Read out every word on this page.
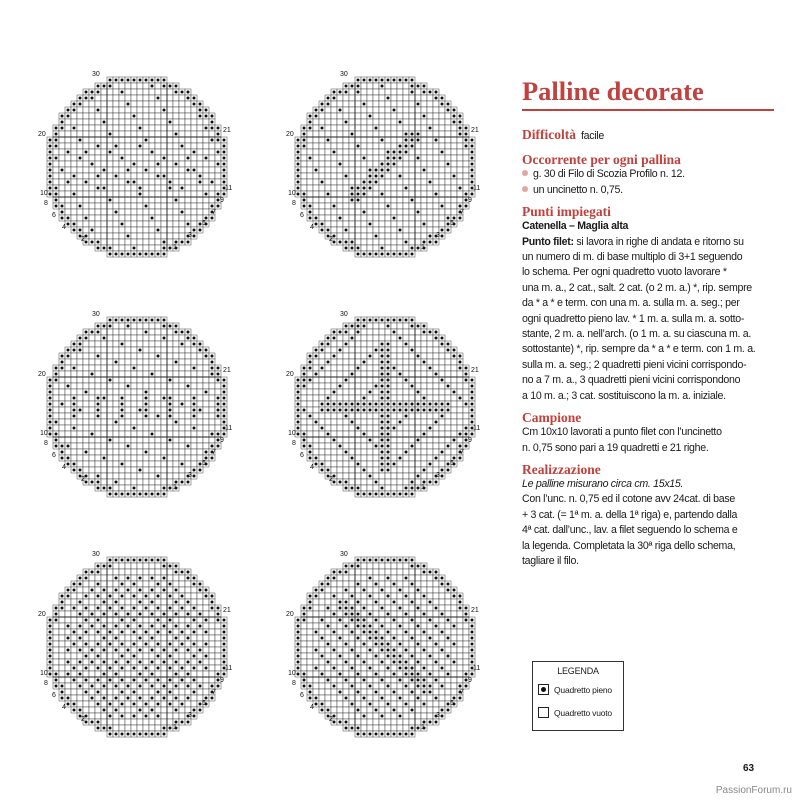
30
20
10
8
6
4
2
21
11
9
7
5
3
1
30
20
10
8
6
4
2
21
11
9
7
5
3
1
30
20
10
8
6
4
2
21
11
9
7
5
3
1
30
20
10
8
6
4
2
21
11
9
7
5
3
1
30
20
10
8
6
4
2
21
11
9
7
5
3
1
30
20
10
8
6
4
2
21
11
9
7
5
3
1
Palline decorate
Difficoltà facile
Occorrente per ogni pallina
g. 30 di Filo di Scozia Profilo n. 12.
un uncinetto n. 0,75.
Punti impiegati
Catenella – Maglia alta
Punto filet: si lavora in righe di andata e ritorno su
un numero di m. di base multiplo di 3+1 seguendo
lo schema. Per ogni quadretto vuoto lavorare *
una m. a., 2 cat., salt. 2 cat. (o 2 m. a.) *, rip. sempre
da * a * e term. con una m. a. sulla m. a. seg.; per
ogni quadretto pieno lav. * 1 m. a. sulla m. a. sotto-
stante, 2 m. a. nell’arch. (o 1 m. a. su ciascuna m. a.
sottostante) *, rip. sempre da * a * e term. con 1 m. a.
sulla m. a. seg.; 2 quadretti pieni vicini corrispondo-
no a 7 m. a., 3 quadretti pieni vicini corrispondono
a 10 m. a.; 3 cat. sostituiscono la m. a. iniziale.
Campione
Cm 10x10 lavorati a punto filet con l’uncinetto
n. 0,75 sono pari a 19 quadretti e 21 righe.
Realizzazione
Le palline misurano circa cm. 15x15.
Con l’unc. n. 0,75 ed il cotone avv 24cat. di base
+ 3 cat. (= 1ª m. a. della 1ª riga) e, partendo dalla
4ª cat. dall’unc., lav. a filet seguendo lo schema e
la legenda. Completata la 30ª riga dello schema,
tagliare il filo.
LEGENDA
Quadretto pieno
Quadretto vuoto
63
PassionForum.ru
